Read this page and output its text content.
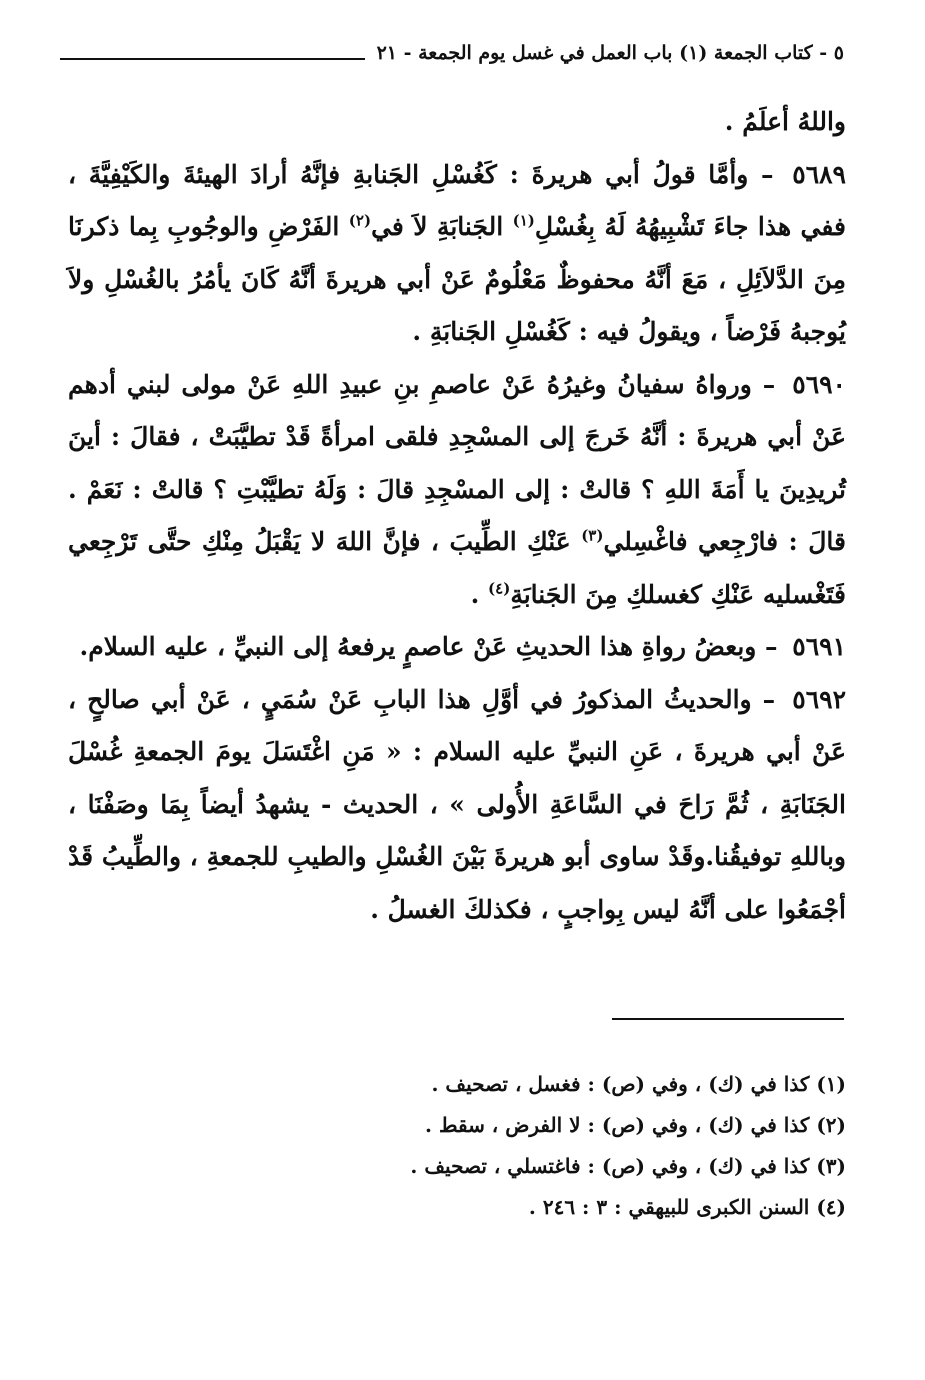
٥ - كتاب الجمعة (١) باب العمل في غسل يوم الجمعة - ٢١

واللهُ أعلَمُ .

٥٦٨٩ – وأمَّا قولُ أبي هريرةَ : كَغُسْلِ الجَنابةِ فإنَّهُ أرادَ الهيئةَ والكَيْفِيَّةَ ، ففي هذا جاءَ تَشْبِيهُهُ لَهُ بِغُسْلِ$^{(١)}$ الجَنابَةِ لاَ في$^{(٢)}$ الفَرْضِ والوجُوبِ بِما ذكرنَا مِنَ الدَّلاَئِلِ ، مَعَ أنَّهُ محفوظٌ مَعْلُومٌ عَنْ أبي هريرةَ أنَّهُ كَانَ يأمُرُ بالغُسْلِ ولاَ يُوجبهُ فَرْضاً ، ويقولُ فيه : كَغُسْلِ الجَنابَةِ .

٥٦٩٠ – ورواهُ سفيانُ وغيرُهُ عَنْ عاصمِ بنِ عبيدِ اللهِ عَنْ مولى لبني أدهم عَنْ أبي هريرةَ : أنَّهُ خَرجَ إلى المسْجِدِ فلقى امرأةً قَدْ تطيَّبَتْ ، فقالَ : أينَ تُريدِينَ يا أَمَةَ اللهِ ؟ قالتْ : إلى المسْجِدِ قالَ : وَلَهُ تطيَّبْتِ ؟ قالتْ : نَعَمْ . قالَ : فارْجِعي فاغْسِلي$^{(٣)}$ عَنْكِ الطِّيبَ ، فإنَّ اللهَ لا يَقْبَلُ مِنْكِ حتَّى تَرْجِعي فَتَغْسليه عَنْكِ كغسلكِ مِنَ الجَنابَةِ$^{(٤)}$ .

٥٦٩١ – وبعضُ رواةِ هذا الحديثِ عَنْ عاصمٍ يرفعهُ إلى النبيِّ ، عليه السلام.

٥٦٩٢ – والحديثُ المذكورُ في أوَّلِ هذا البابِ عَنْ سُمَيٍ ، عَنْ أبي صالحٍ ، عَنْ أبي هريرةَ ، عَنِ النبيِّ عليه السلام : « مَنِ اغْتَسَلَ يومَ الجمعةِ غُسْلَ الجَنَابَةِ ، ثُمَّ رَاحَ في السَّاعَةِ الأُولى » ، الحديث - يشهدُ أيضاً بِمَا وصَفْنَا ، وباللهِ توفيقُنا.وقَدْ ساوى أبو هريرةَ بَيْنَ الغُسْلِ والطيبِ للجمعةِ ، والطِّيبُ قَدْ أجْمَعُوا على أنَّهُ ليس بِواجبٍ ، فكذلكَ الغسلُ .

(١) كذا في (ك) ، وفي (ص) : فغسل ، تصحيف .

(٢) كذا في (ك) ، وفي (ص) : لا الفرض ، سقط .

(٣) كذا في (ك) ، وفي (ص) : فاغتسلي ، تصحيف .

(٤) السنن الكبرى للبيهقي : ٣ : ٢٤٦ .
